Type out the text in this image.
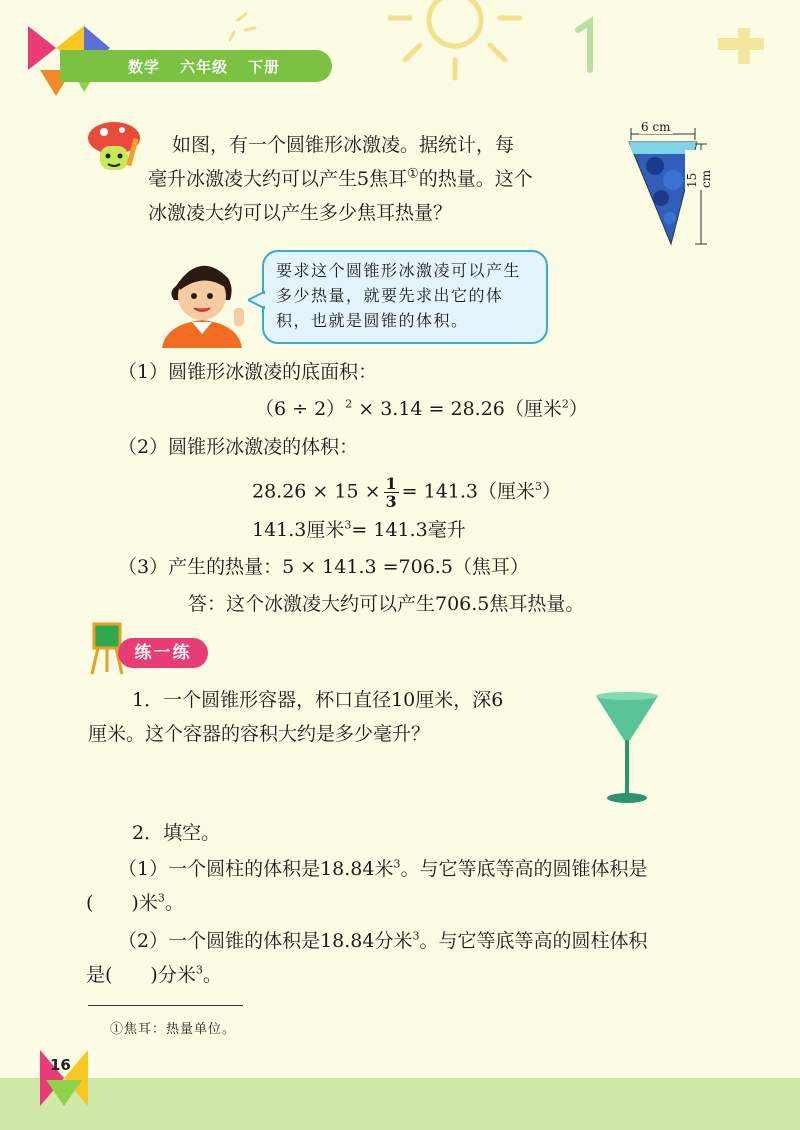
数学 六年级 下册
如图，有一个圆锥形冰激凌。据统计，每
毫升冰激凌大约可以产生5焦耳①的热量。这个
冰激凌大约可以产生多少焦耳热量？
6 cm
15 cm
要求这个圆锥形冰激凌可以产生多少热量，就要先求出它的体积，也就是圆锥的体积。
（1）圆锥形冰激凌的底面积：
$(6 \div 2)^2 \times 3.14 = 28.26$（厘米$^2$）
（2）圆锥形冰激凌的体积：
$28.26 \times 15 \times \frac{1}{3} = 141.3$（厘米$^3$）
141.3厘米$^3$= 141.3毫升
（3）产生的热量：5 × 141.3 =706.5（焦耳）
答：这个冰激凌大约可以产生706.5焦耳热量。
练一练
1．一个圆锥形容器，杯口直径10厘米，深6
厘米。这个容器的容积大约是多少毫升？
2．填空。
（1）一个圆柱的体积是18.84米$^3$。与它等底等高的圆锥体积是
(　　)米$^3$。
（2）一个圆锥的体积是18.84分米$^3$。与它等底等高的圆柱体积
是(　　)分米$^3$。
①焦耳：热量单位。
16
